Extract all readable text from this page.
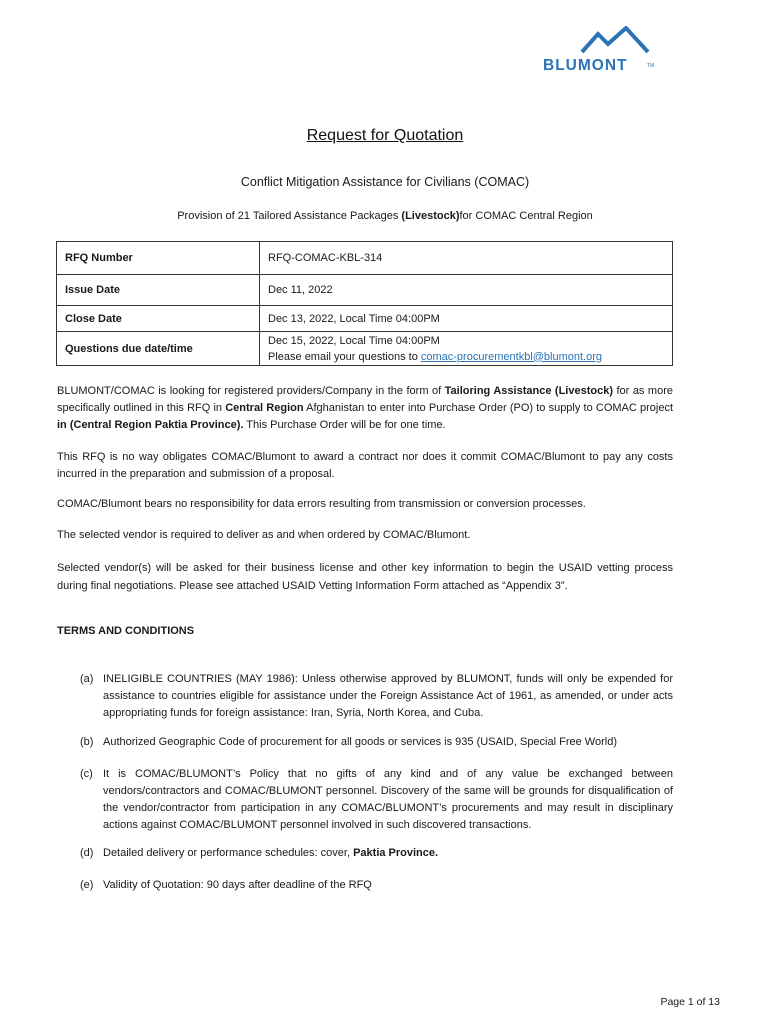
BLUMONT	TM
Request for Quotation
Conflict Mitigation Assistance for Civilians (COMAC)
Provision of 21 Tailored Assistance Packages (Livestock)for COMAC Central Region
RFQ Number	RFQ-COMAC-KBL-314
Issue Date	Dec 11, 2022
Close Date	Dec 13, 2022, Local Time 04:00PM
Questions due date/time	Dec 15, 2022, Local Time 04:00PM
Please email your questions to comac-procurementkbl@blumont.org
BLUMONT/COMAC is looking for registered providers/Company in the form of Tailoring Assistance (Livestock) for as more specifically outlined in this RFQ in Central Region Afghanistan to enter into Purchase Order (PO) to supply to COMAC project in (Central Region Paktia Province). This Purchase Order will be for one time.
This RFQ is no way obligates COMAC/Blumont to award a contract nor does it commit COMAC/Blumont to pay any costs incurred in the preparation and submission of a proposal.
COMAC/Blumont bears no responsibility for data errors resulting from transmission or conversion processes.
The selected vendor is required to deliver as and when ordered by COMAC/Blumont.
Selected vendor(s) will be asked for their business license and other key information to begin the USAID vetting process during final negotiations. Please see attached USAID Vetting Information Form attached as “Appendix 3”.
TERMS AND CONDITIONS
(a) INELIGIBLE COUNTRIES (MAY 1986): Unless otherwise approved by BLUMONT, funds will only be expended for assistance to countries eligible for assistance under the Foreign Assistance Act of 1961, as amended, or under acts appropriating funds for foreign assistance: Iran, Syria, North Korea, and Cuba.
(b) Authorized Geographic Code of procurement for all goods or services is 935 (USAID, Special Free World)
(c) It is COMAC/BLUMONT’s Policy that no gifts of any kind and of any value be exchanged between vendors/contractors and COMAC/BLUMONT personnel. Discovery of the same will be grounds for disqualification of the vendor/contractor from participation in any COMAC/BLUMONT’s procurements and may result in disciplinary actions against COMAC/BLUMONT personnel involved in such discovered transactions.
(d) Detailed delivery or performance schedules: cover, Paktia Province.
(e) Validity of Quotation: 90 days after deadline of the RFQ
Page 1 of 13
